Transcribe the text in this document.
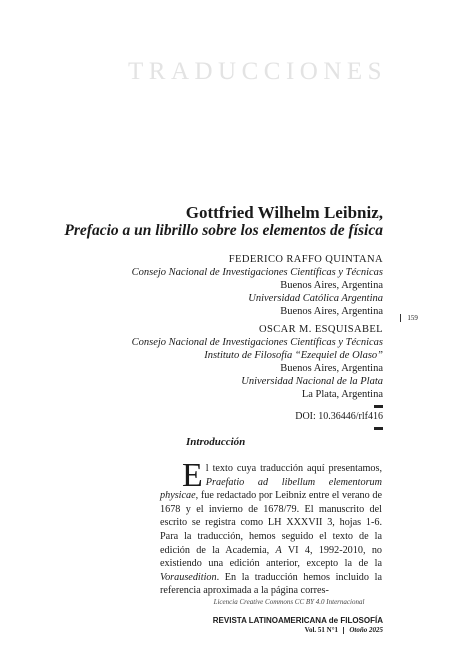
TRADUCCIONES
Gottfried Wilhelm Leibniz,
Prefacio a un librillo sobre los elementos de física
FEDERICO RAFFO QUINTANA
Consejo Nacional de Investigaciones Científicas y Técnicas
Buenos Aires, Argentina
Universidad Católica Argentina
Buenos Aires, Argentina
159
OSCAR M. ESQUISABEL
Consejo Nacional de Investigaciones Científicas y Técnicas
Instituto de Filosofía “Ezequiel de Olaso”
Buenos Aires, Argentina
Universidad Nacional de la Plata
La Plata, Argentina
DOI: 10.36446/rlf416
Introducción
El texto cuya traducción aquí presentamos, Praefatio ad libellum elementorum physicae, fue redactado por Leibniz entre el verano de 1678 y el invierno de 1678/79. El manuscrito del escrito se registra como LH XXXVII 3, hojas 1-6. Para la traducción, hemos seguido el texto de la edición de la Academia, A VI 4, 1992-2010, no existiendo una edición anterior, excepto la de la Vorausedition. En la traducción hemos incluido la referencia aproximada a la página corres-
Licencia Creative Commons CC BY 4.0 Internacional
REVISTA LATINOAMERICANA de FILOSOFÍA
Vol. 51 N°1 Otoño 2025
